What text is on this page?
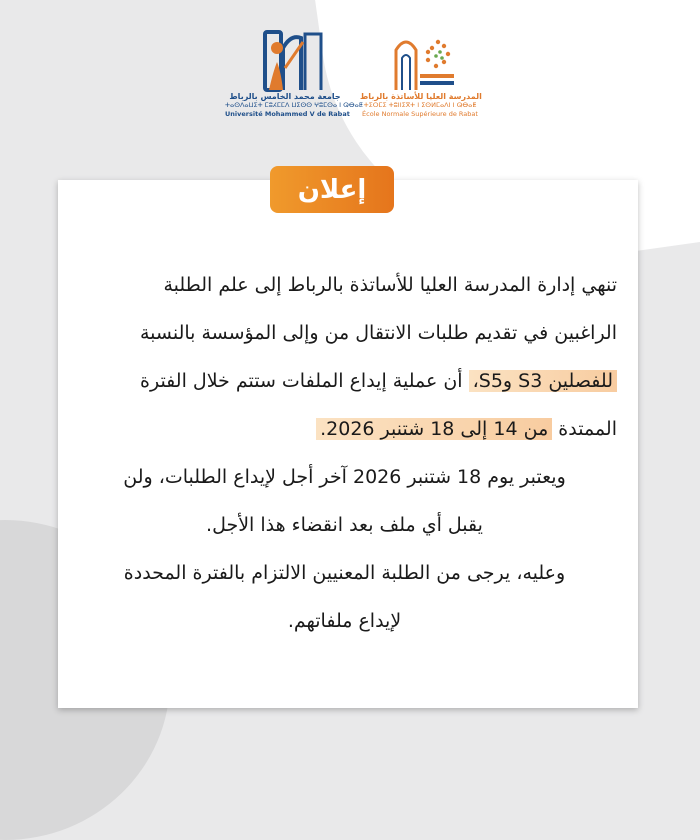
جامعة محمد الخامس بالرباط
ⵜⴰⵙⴷⴰⵡⵉⵜ ⵎⵓⵃⵎⵎⴷ ⵡⵉⵙⵙ ⵖⵓⵎⵙⴰ ⵏ ⵕⴱⴰⵟ
Université Mohammed V de Rabat
المدرسة العليا للأساتذة بالرباط
ⵜⵉⵔⵎⵉ ⵜⵓⵏⵏⵉⴳⵜ ⵏ ⵉⵙⵍⵎⴰⴷⵏ ⵏ ⵕⴱⴰⵟ
École Normale Supérieure de Rabat
إعلان
تنهي إدارة المدرسة العليا للأساتذة بالرباط إلى علم الطلبة
الراغبين في تقديم طلبات الانتقال من وإلى المؤسسة بالنسبة
للفصلين S3 وS5، أن عملية إيداع الملفات ستتم خلال الفترة
الممتدة من 14 إلى 18 شتنبر 2026.
ويعتبر يوم 18 شتنبر 2026 آخر أجل لإيداع الطلبات، ولن
يقبل أي ملف بعد انقضاء هذا الأجل.
وعليه، يرجى من الطلبة المعنيين الالتزام بالفترة المحددة
لإيداع ملفاتهم.
